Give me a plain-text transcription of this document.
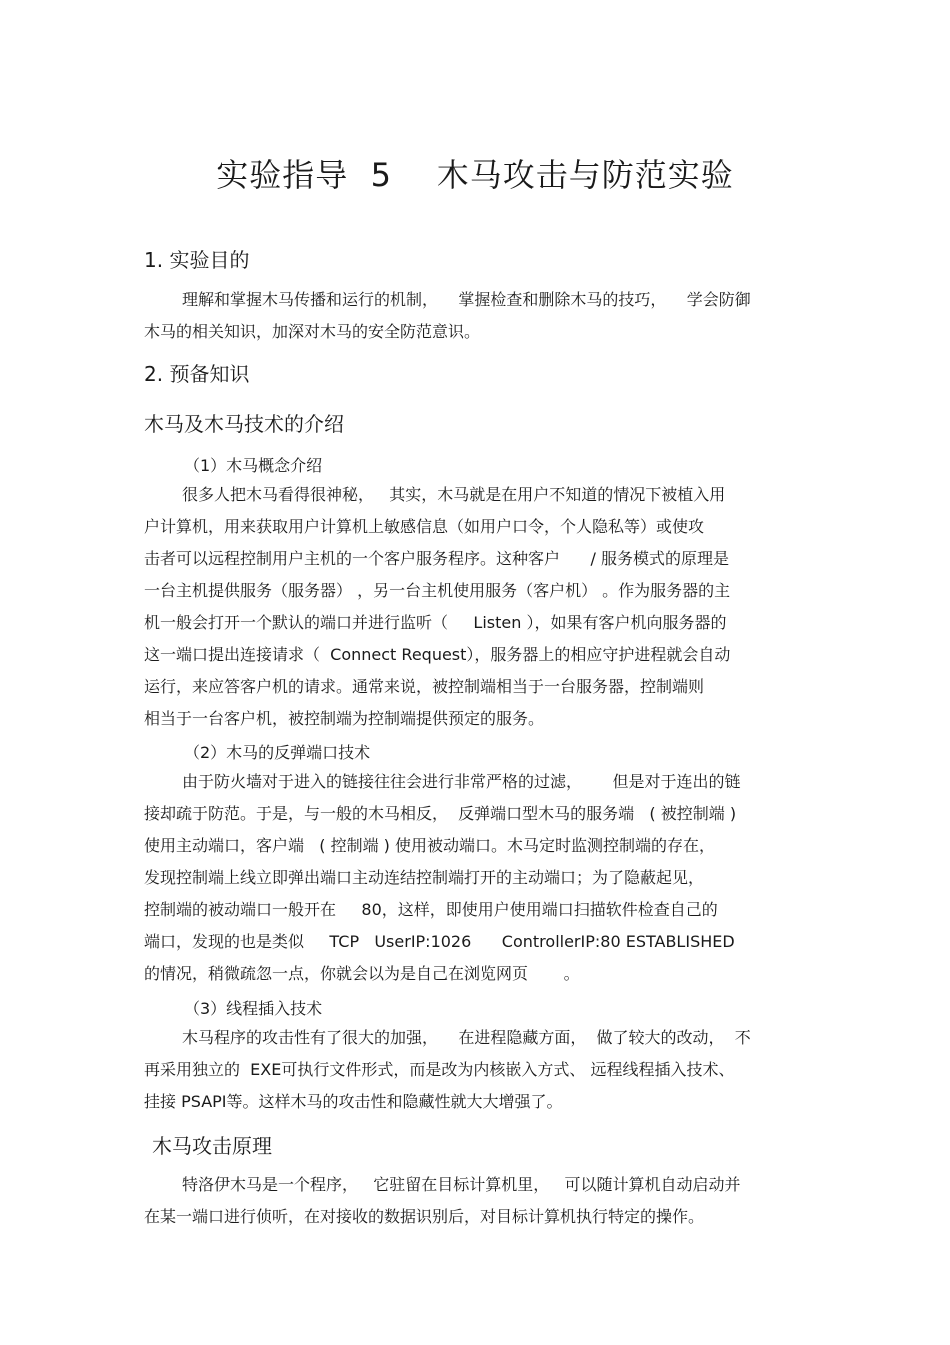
实验指导  5    木马攻击与防范实验
1. 实验目的
理解和掌握木马传播和运行的机制，    掌握检查和删除木马的技巧，    学会防御
木马的相关知识，加深对木马的安全防范意识。
2. 预备知识
木马及木马技术的介绍
（1）木马概念介绍
很多人把木马看得很神秘，   其实，木马就是在用户不知道的情况下被植入用
户计算机，用来获取用户计算机上敏感信息（如用户口令，个人隐私等）或使攻
击者可以远程控制用户主机的一个客户服务程序。这种客户      / 服务模式的原理是
一台主机提供服务（服务器） ，另一台主机使用服务（客户机） 。作为服务器的主
机一般会打开一个默认的端口并进行监听（     Listen ），如果有客户机向服务器的
这一端口提出连接请求（  Connect Request），服务器上的相应守护进程就会自动
运行，来应答客户机的请求。通常来说，被控制端相当于一台服务器，控制端则
相当于一台客户机，被控制端为控制端提供预定的服务。
（2）木马的反弹端口技术
由于防火墙对于进入的链接往往会进行非常严格的过滤，      但是对于连出的链
接却疏于防范。于是，与一般的木马相反，  反弹端口型木马的服务端   ( 被控制端 )
使用主动端口，客户端   ( 控制端 ) 使用被动端口。木马定时监测控制端的存在，
发现控制端上线立即弹出端口主动连结控制端打开的主动端口；为了隐蔽起见，
控制端的被动端口一般开在     80，这样，即使用户使用端口扫描软件检查自己的
端口，发现的也是类似     TCP   UserIP:1026      ControllerIP:80 ESTABLISHED
的情况，稍微疏忽一点，你就会以为是自己在浏览网页       。
（3）线程插入技术
木马程序的攻击性有了很大的加强，    在进程隐藏方面，  做了较大的改动，  不
再采用独立的  EXE可执行文件形式，而是改为内核嵌入方式、 远程线程插入技术、
挂接 PSAPI等。这样木马的攻击性和隐藏性就大大增强了。
木马攻击原理
特洛伊木马是一个程序，   它驻留在目标计算机里，   可以随计算机自动启动并
在某一端口进行侦听，在对接收的数据识别后，对目标计算机执行特定的操作。
